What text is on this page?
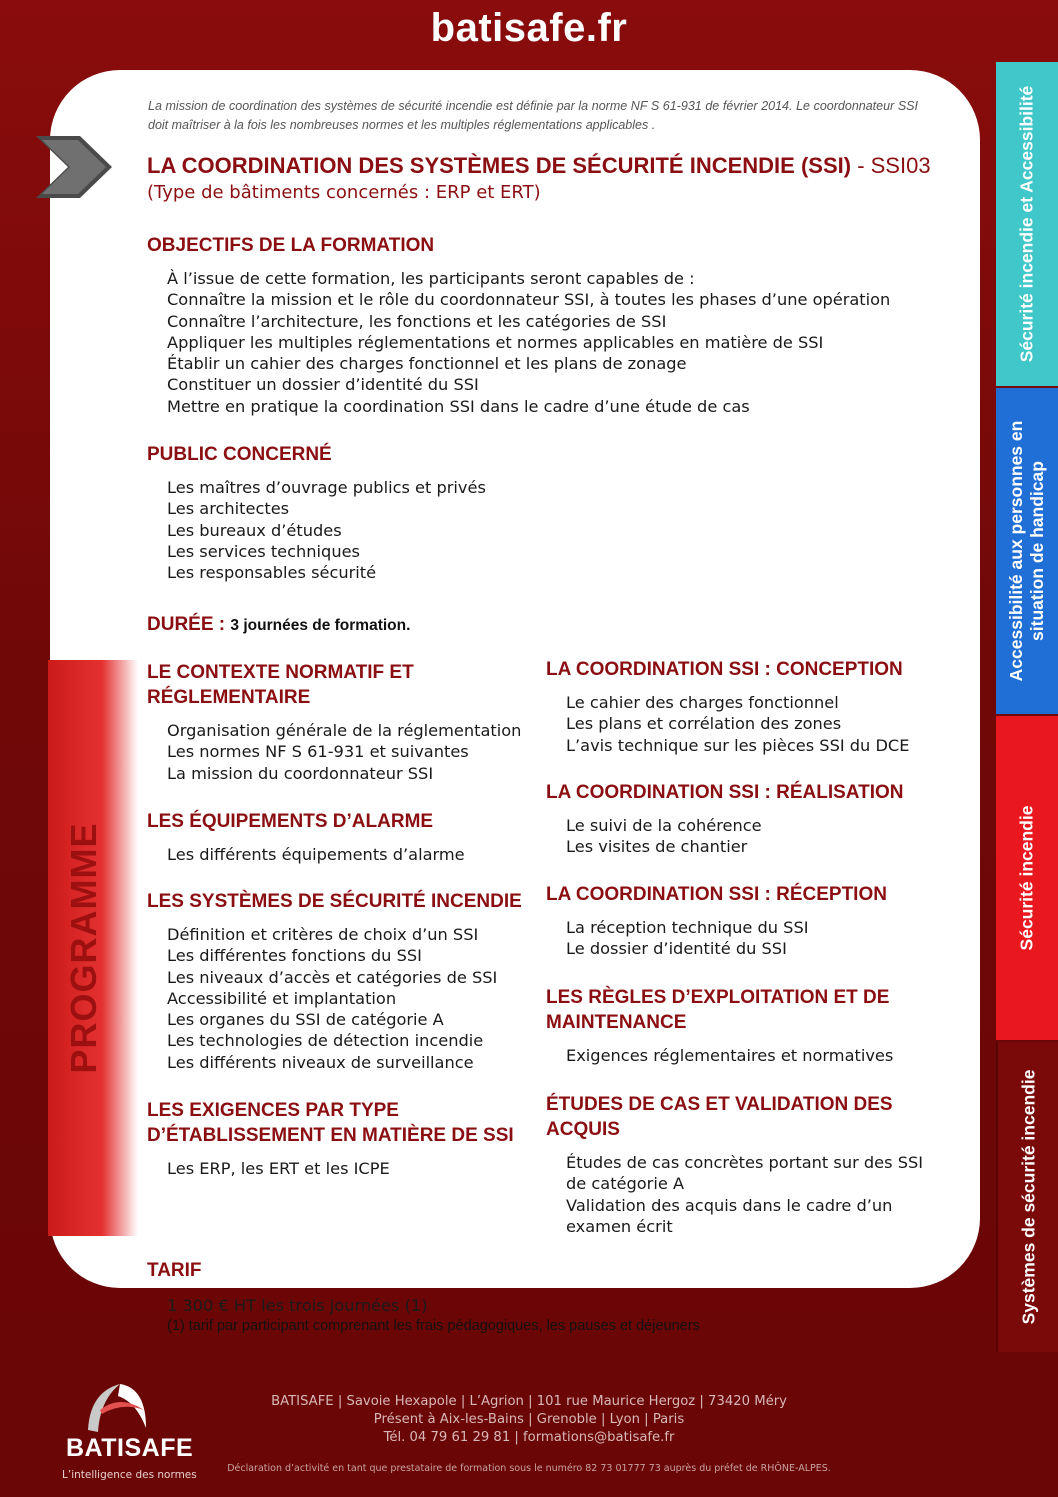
batisafe.fr
La mission de coordination des systèmes de sécurité incendie est définie par la norme NF S 61-931 de février 2014. Le coordonnateur SSI doit maîtriser à la fois les nombreuses normes et les multiples réglementations applicables .
LA COORDINATION DES SYSTÈMES DE SÉCURITÉ INCENDIE (SSI) - SSI03
(Type de bâtiments concernés : ERP et ERT)
OBJECTIFS DE LA FORMATION
À l’issue de cette formation, les participants seront capables de :
Connaître la mission et le rôle du coordonnateur SSI, à toutes les phases d’une opération
Connaître l’architecture, les fonctions et les catégories de SSI
Appliquer les multiples réglementations et normes applicables en matière de SSI
Établir un cahier des charges fonctionnel et les plans de zonage
Constituer un dossier d’identité du SSI
Mettre en pratique la coordination SSI dans le cadre d’une étude de cas
PUBLIC CONCERNÉ
Les maîtres d’ouvrage publics et privés
Les architectes
Les bureaux d’études
Les services techniques
Les responsables sécurité
DURÉE : 3 journées de formation.
PROGRAMME
LE CONTEXTE NORMATIF ET
RÉGLEMENTAIRE
Organisation générale de la réglementation
Les normes NF S 61-931 et suivantes
La mission du coordonnateur SSI
LES ÉQUIPEMENTS D’ALARME
Les différents équipements d’alarme
LES SYSTÈMES DE SÉCURITÉ INCENDIE
Définition et critères de choix d’un SSI
Les différentes fonctions du SSI
Les niveaux d’accès et catégories de SSI
Accessibilité et implantation
Les organes du SSI de catégorie A
Les technologies de détection incendie
Les différents niveaux de surveillance
LES EXIGENCES PAR TYPE
D’ÉTABLISSEMENT EN MATIÈRE DE SSI
Les ERP, les ERT et les ICPE
LA COORDINATION SSI : CONCEPTION
Le cahier des charges fonctionnel
Les plans et corrélation des zones
L’avis technique sur les pièces SSI du DCE
LA COORDINATION SSI : RÉALISATION
Le suivi de la cohérence
Les visites de chantier
LA COORDINATION SSI : RÉCEPTION
La réception technique du SSI
Le dossier d’identité du SSI
LES RÈGLES D’EXPLOITATION ET DE
MAINTENANCE
Exigences réglementaires et normatives
ÉTUDES DE CAS ET VALIDATION DES
ACQUIS
Études de cas concrètes portant sur des SSI
de catégorie A
Validation des acquis dans le cadre d’un
examen écrit
TARIF
1 300 € HT les trois journées (1)
(1) tarif par participant comprenant les frais pédagogiques, les pauses et déjeuners
Sécurité incendie et Accessibilité
Accessibilité aux personnes en situation de handicap
Sécurité incendie
Systèmes de sécurité incendie
BATISAFE
L’intelligence des normes
BATISAFE | Savoie Hexapole | L’Agrion | 101 rue Maurice Hergoz | 73420 Méry
Présent à Aix-les-Bains | Grenoble | Lyon | Paris
Tél. 04 79 61 29 81 | formations@batisafe.fr
Déclaration d’activité en tant que prestataire de formation sous le numéro 82 73 01777 73 auprès du préfet de RHÔNE-ALPES.
